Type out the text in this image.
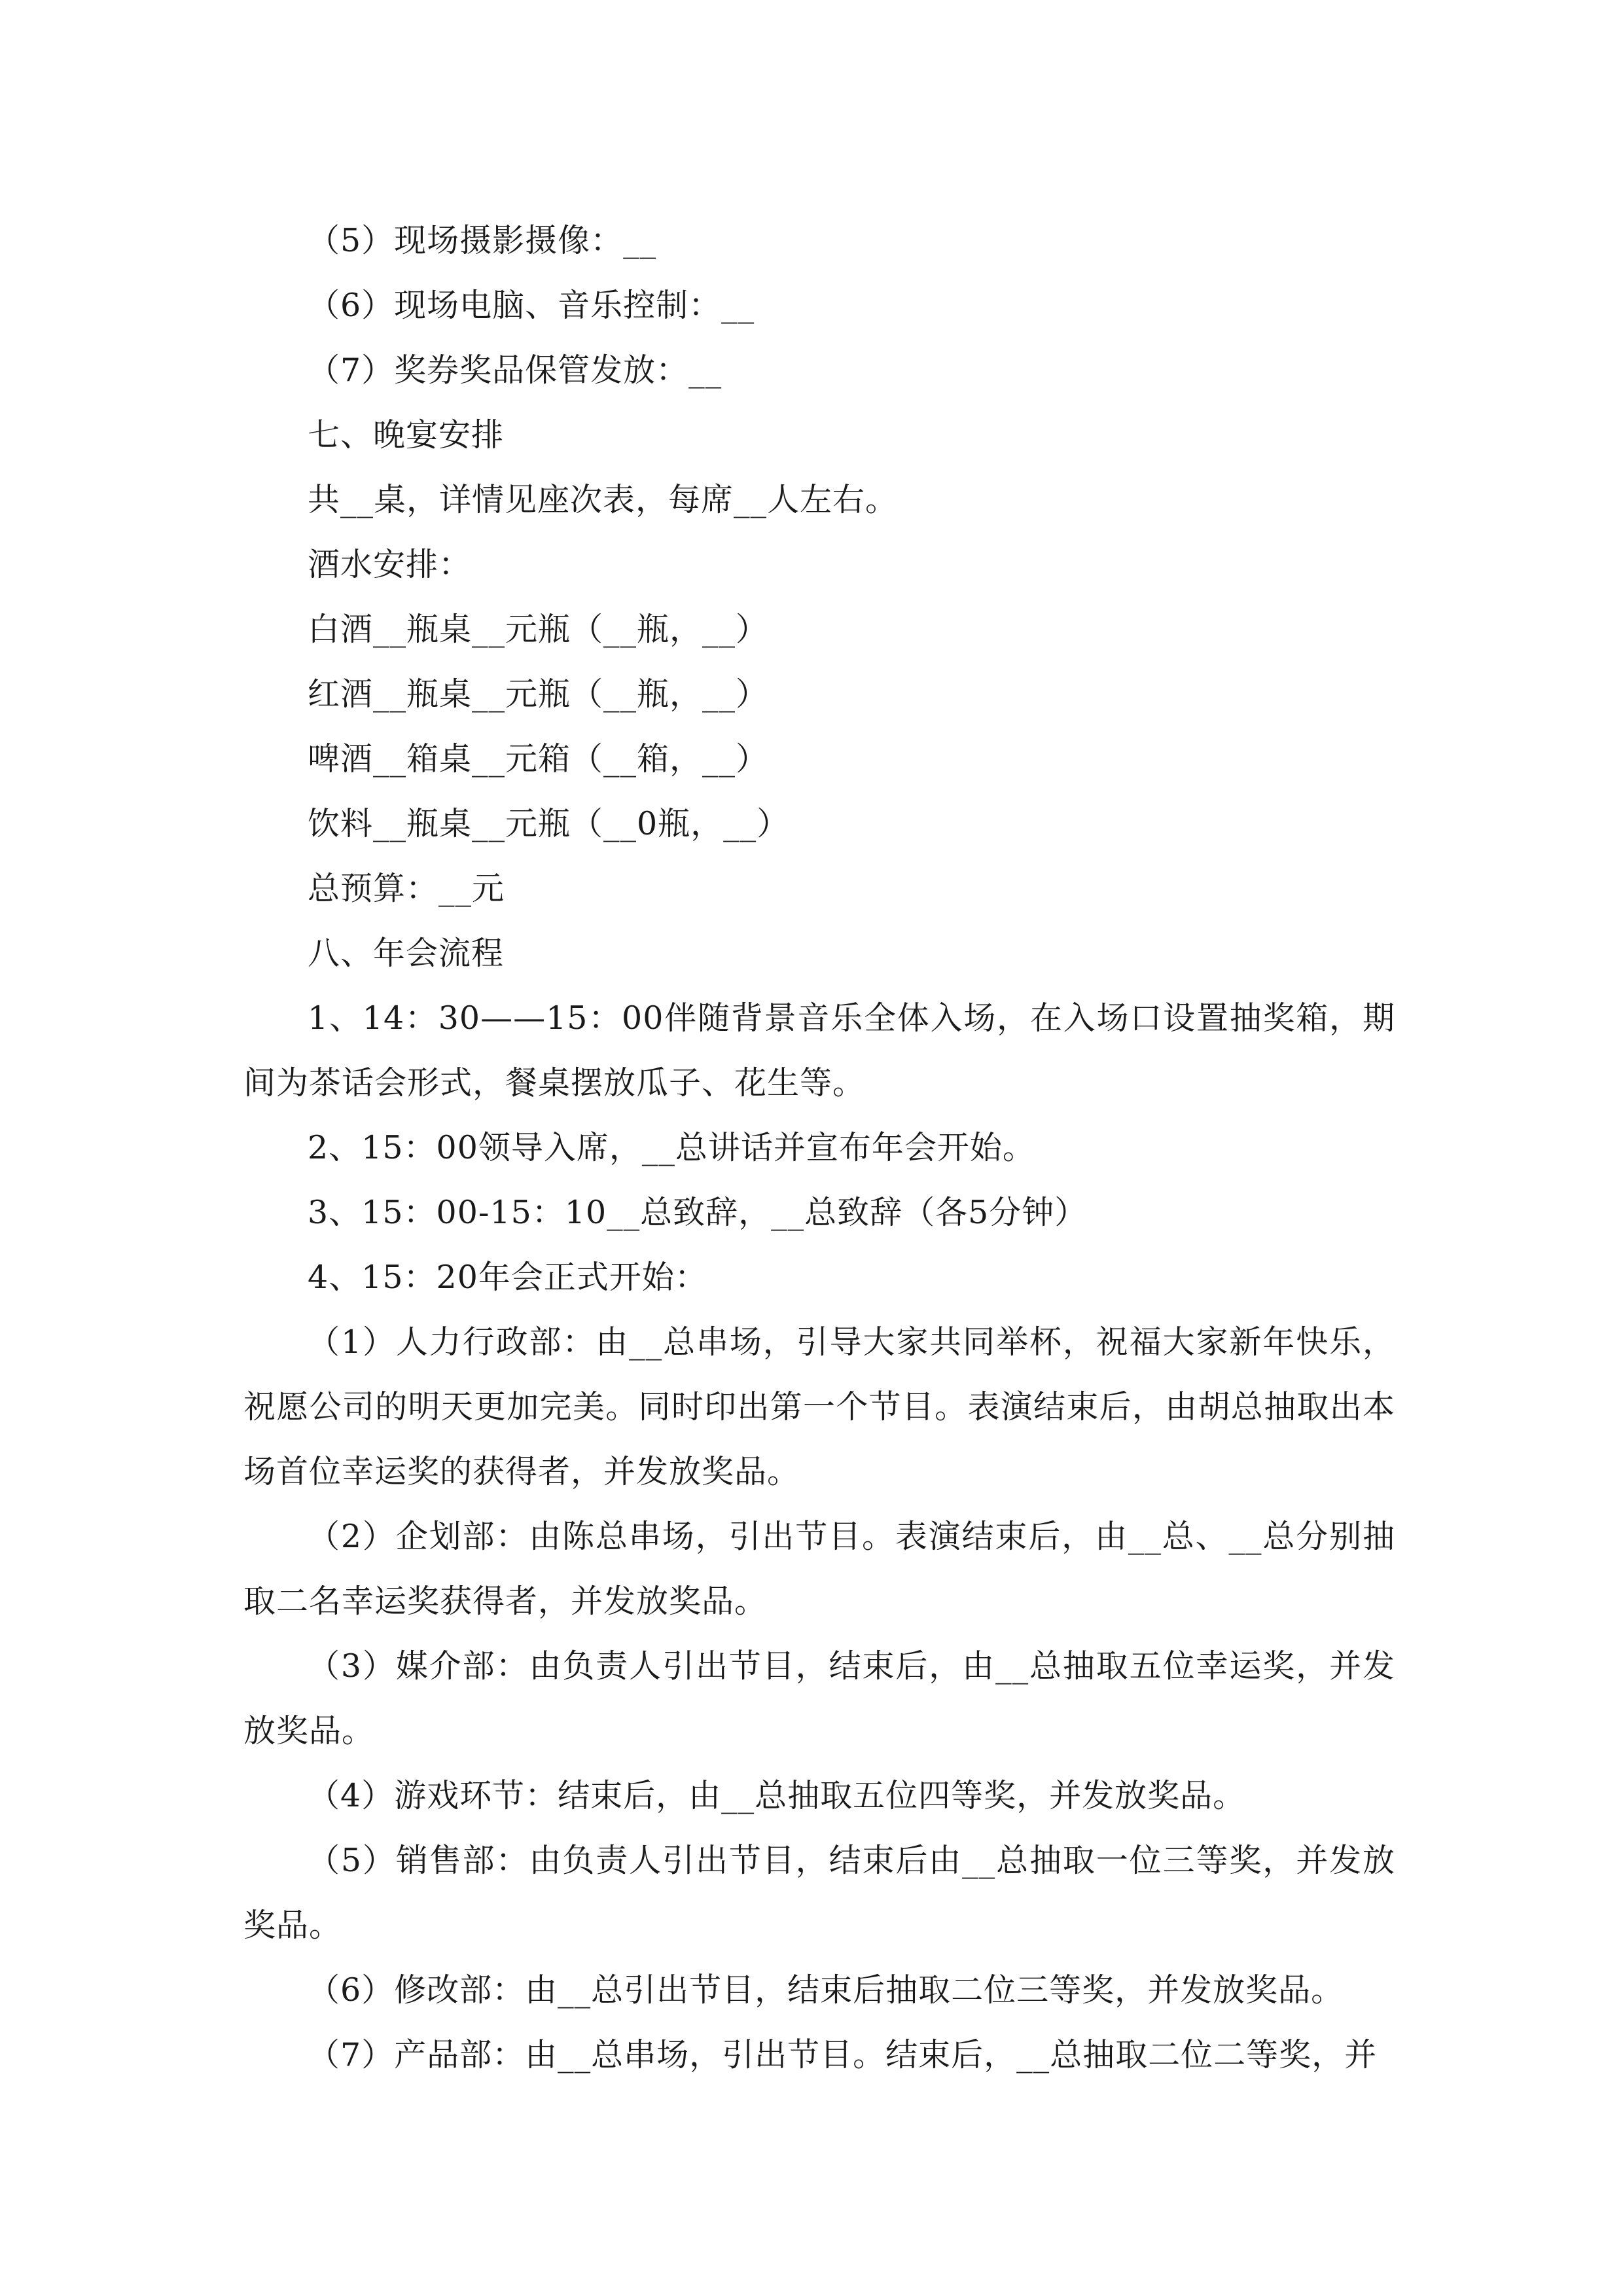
（5）现场摄影摄像：__

（6）现场电脑、音乐控制：__

（7）奖券奖品保管发放：__

七、晚宴安排

共__桌，详情见座次表，每席__人左右。

酒水安排：

白酒__瓶桌__元瓶（__瓶，__）

红酒__瓶桌__元瓶（__瓶，__）

啤酒__箱桌__元箱（__箱，__）

饮料__瓶桌__元瓶（__0瓶，__）

总预算：__元

八、年会流程

1、14：30——15：00伴随背景音乐全体入场，在入场口设置抽奖箱，期间为茶话会形式，餐桌摆放瓜子、花生等。

2、15：00领导入席，__总讲话并宣布年会开始。

3、15：00-15：10__总致辞，__总致辞（各5分钟）

4、15：20年会正式开始：

（1）人力行政部：由__总串场，引导大家共同举杯，祝福大家新年快乐，祝愿公司的明天更加完美。同时印出第一个节目。表演结束后，由胡总抽取出本场首位幸运奖的获得者，并发放奖品。

（2）企划部：由陈总串场，引出节目。表演结束后，由__总、__总分别抽取二名幸运奖获得者，并发放奖品。

（3）媒介部：由负责人引出节目，结束后，由__总抽取五位幸运奖，并发放奖品。

（4）游戏环节：结束后，由__总抽取五位四等奖，并发放奖品。

（5）销售部：由负责人引出节目，结束后由__总抽取一位三等奖，并发放奖品。

（6）修改部：由__总引出节目，结束后抽取二位三等奖，并发放奖品。

（7）产品部：由__总串场，引出节目。结束后，__总抽取二位二等奖，并
